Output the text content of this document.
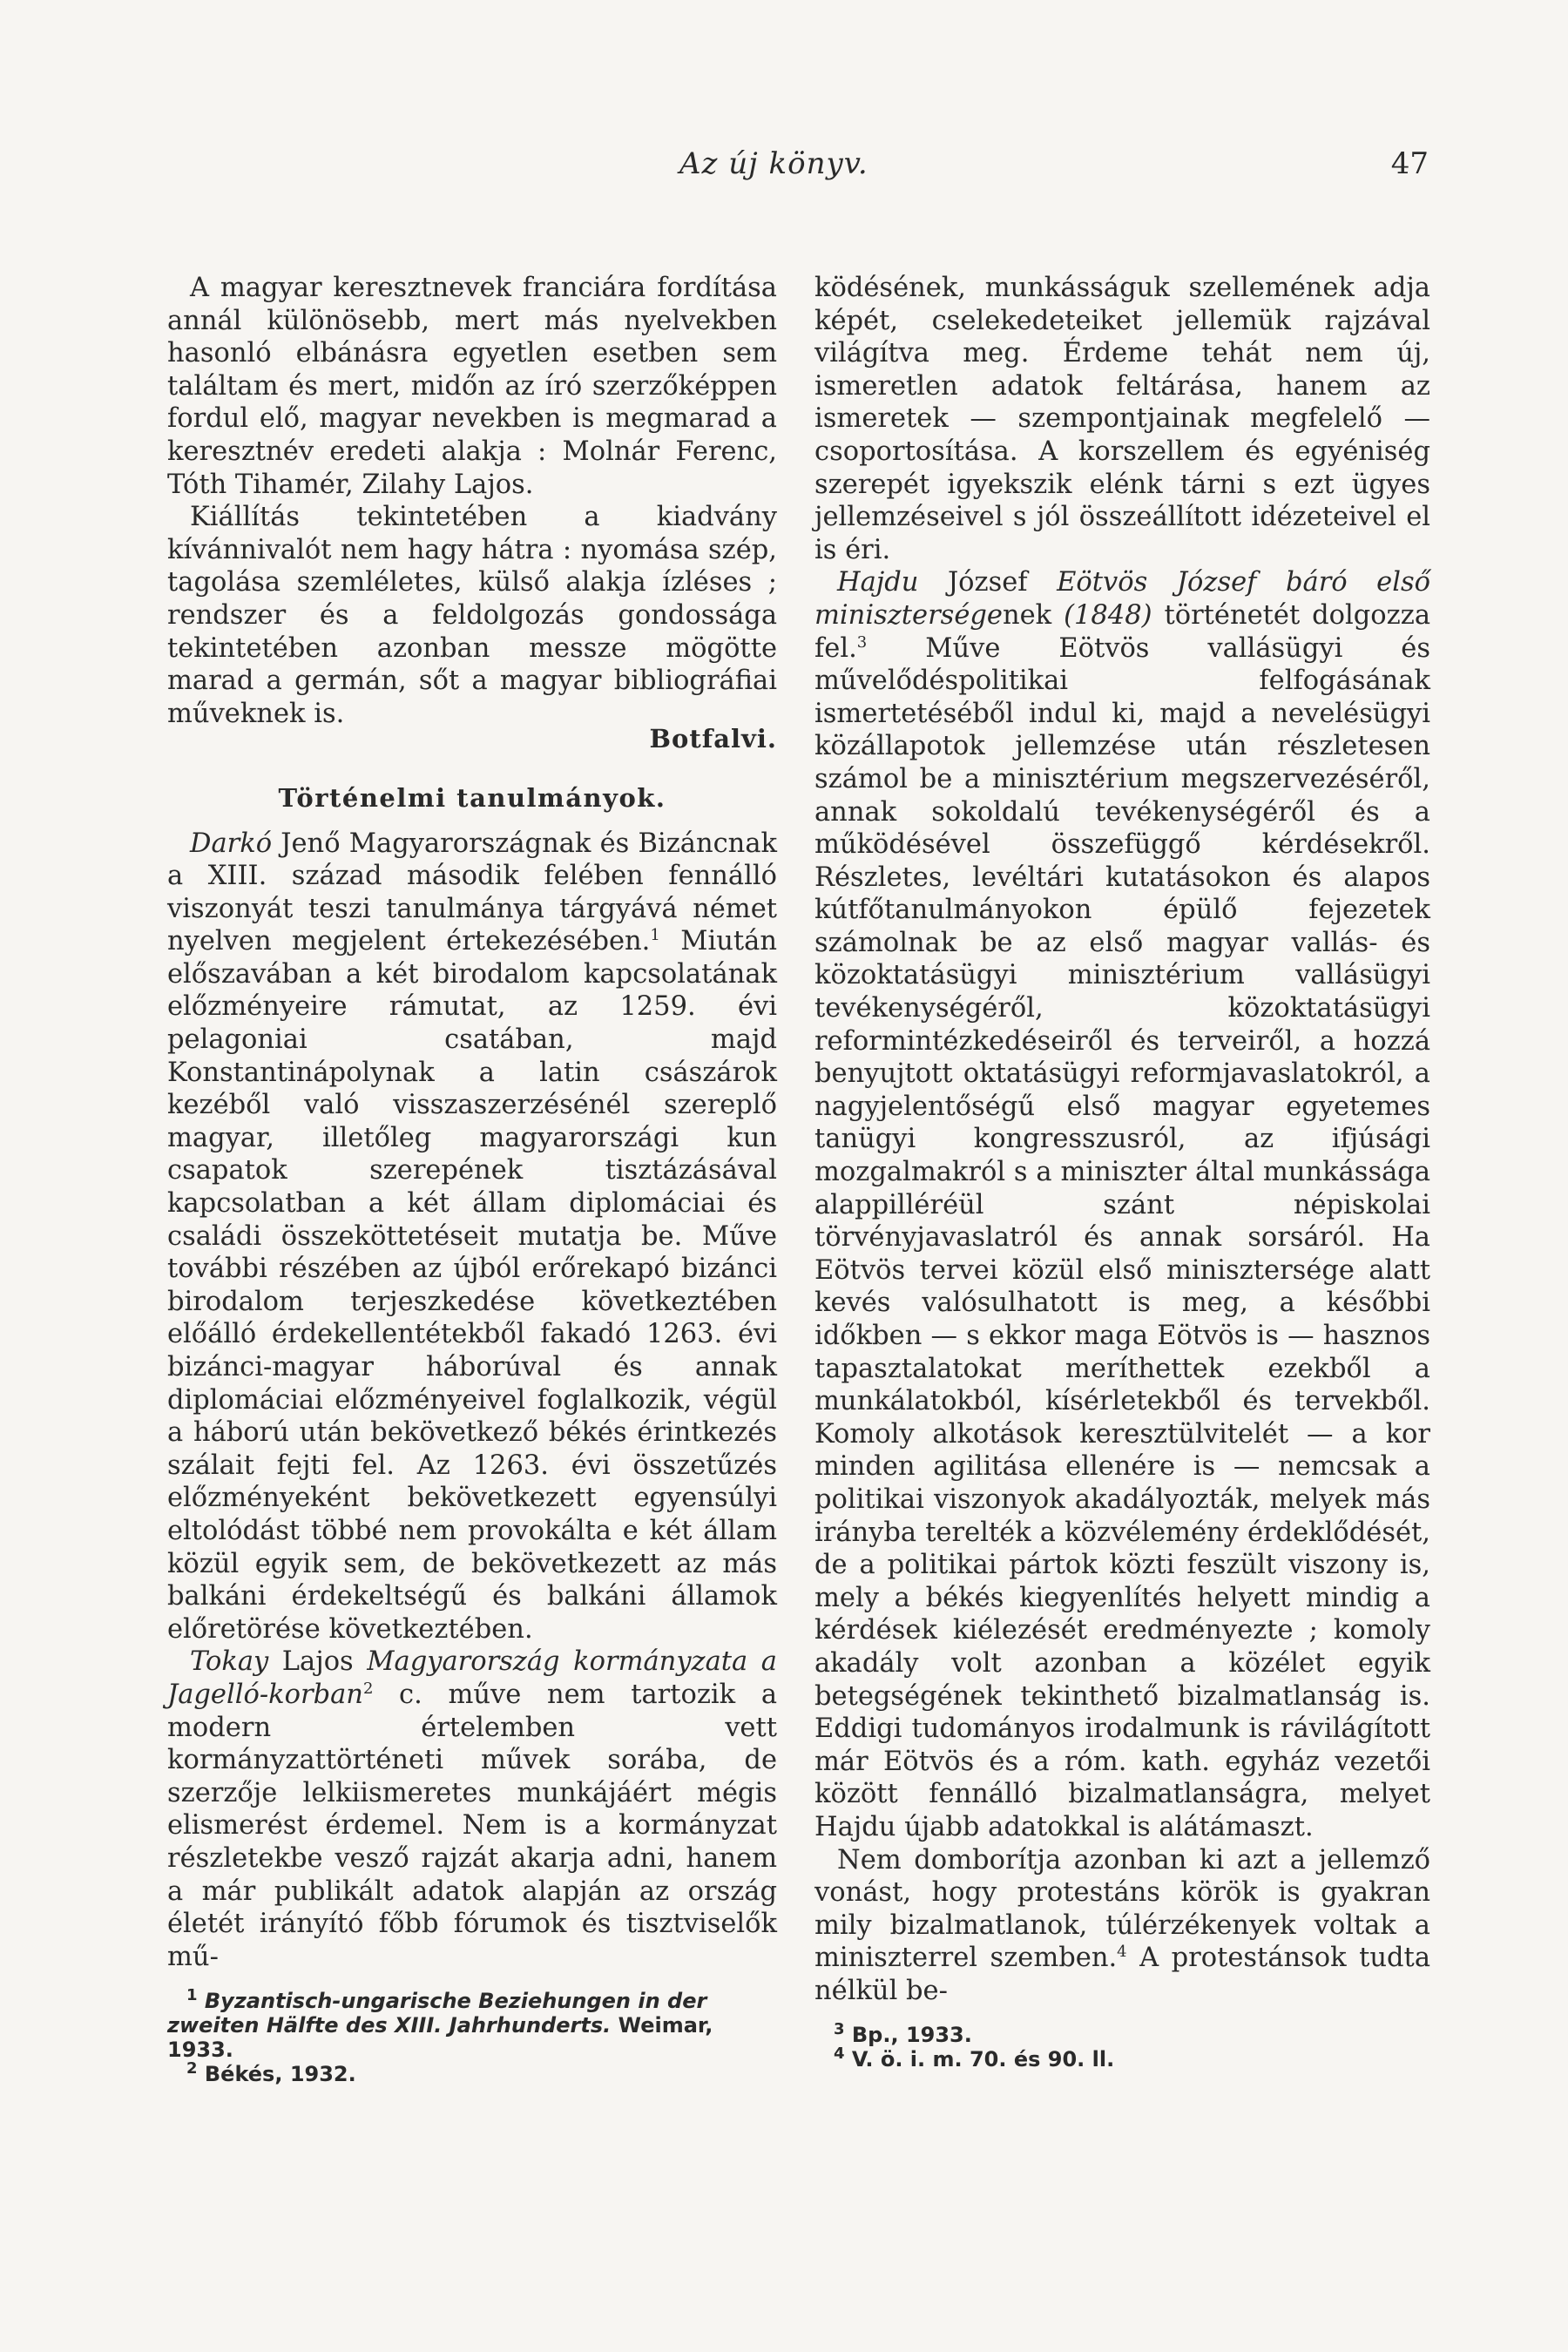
Az új könyv.	47

A magyar keresztnevek franciára fordítása annál különösebb, mert más nyelvekben hasonló elbánásra egyetlen esetben sem találtam és mert, midőn az író szerzőképpen fordul elő, magyar nevekben is megmarad a keresztnév eredeti alakja : Molnár Ferenc, Tóth Tihamér, Zilahy Lajos.

Kiállítás tekintetében a kiadvány kívánnivalót nem hagy hátra : nyomása szép, tagolása szemléletes, külső alakja ízléses ; rendszer és a feldolgozás gondossága tekintetében azonban messze mögötte marad a germán, sőt a magyar bibliográfiai műveknek is.

Botfalvi.
Történelmi tanulmányok.

Darkó Jenő Magyarországnak és Bizáncnak a XIII. század második felében fennálló viszonyát teszi tanulmánya tárgyává német nyelven megjelent értekezésében.$^1$ Miután előszavában a két birodalom kapcsolatának előzményeire rámutat, az 1259. évi pelagoniai csatában, majd Konstantinápolynak a latin császárok kezéből való visszaszerzésénél szereplő magyar, illetőleg magyarországi kun csapatok szerepének tisztázásával kapcsolatban a két állam diplomáciai és családi összeköttetéseit mutatja be. Műve további részében az újból erőrekapó bizánci birodalom terjeszkedése következtében előálló érdekellentétekből fakadó 1263. évi bizánci-magyar háborúval és annak diplomáciai előzményeivel foglalkozik, végül a háború után bekövetkező békés érintkezés szálait fejti fel. Az 1263. évi összetűzés előzményeként bekövetkezett egyensúlyi eltolódást többé nem provokálta e két állam közül egyik sem, de bekövetkezett az más balkáni érdekeltségű és balkáni államok előretörése következtében.

Tokay Lajos Magyarország kormányzata a Jagelló-korban$^2$ c. műve nem tartozik a modern értelemben vett kormányzattörténeti művek sorába, de szerzője lelkiismeretes munkájáért mégis elismerést érdemel. Nem is a kormányzat részletekbe vesző rajzát akarja adni, hanem a már publikált adatok alapján az ország életét irányító főbb fórumok és tisztviselők mű-

$^1$ Byzantisch-ungarische Beziehungen in der zweiten Hälfte des XIII. Jahrhunderts. Weimar, 1933.

$^2$ Békés, 1932.

ködésének, munkásságuk szellemének adja képét, cselekedeteiket jellemük rajzával világítva meg. Érdeme tehát nem új, ismeretlen adatok feltárása, hanem az ismeretek — szempontjainak megfelelő — csoportosítása. A korszellem és egyéniség szerepét igyekszik elénk tárni s ezt ügyes jellemzéseivel s jól összeállított idézeteivel el is éri.

Hajdu József Eötvös József báró első miniszterségenek (1848) történetét dolgozza fel.$^3$ Műve Eötvös vallásügyi és művelődéspolitikai felfogásának ismertetéséből indul ki, majd a nevelésügyi közállapotok jellemzése után részletesen számol be a minisztérium megszervezéséről, annak sokoldalú tevékenységéről és a működésével összefüggő kérdésekről. Részletes, levéltári kutatásokon és alapos kútfőtanulmányokon épülő fejezetek számolnak be az első magyar vallás- és közoktatásügyi minisztérium vallásügyi tevékenységéről, közoktatásügyi reformintézkedéseiről és terveiről, a hozzá benyujtott oktatásügyi reformjavaslatokról, a nagyjelentőségű első magyar egyetemes tanügyi kongresszusról, az ifjúsági mozgalmakról s a miniszter által munkássága alappilléréül szánt népiskolai törvényjavaslatról és annak sorsáról. Ha Eötvös tervei közül első minisztersége alatt kevés valósulhatott is meg, a későbbi időkben — s ekkor maga Eötvös is — hasznos tapasztalatokat meríthettek ezekből a munkálatokból, kísérletekből és tervekből. Komoly alkotások keresztülvitelét — a kor minden agilitása ellenére is — nemcsak a politikai viszonyok akadályozták, melyek más irányba terelték a közvélemény érdeklődését, de a politikai pártok közti feszült viszony is, mely a békés kiegyenlítés helyett mindig a kérdések kiélezését eredményezte ; komoly akadály volt azonban a közélet egyik betegségének tekinthető bizalmatlanság is. Eddigi tudományos irodalmunk is rávilágított már Eötvös és a róm. kath. egyház vezetői között fennálló bizalmatlanságra, melyet Hajdu újabb adatokkal is alátámaszt.

Nem domborítja azonban ki azt a jellemző vonást, hogy protestáns körök is gyakran mily bizalmatlanok, túlérzékenyek voltak a miniszterrel szemben.$^4$ A protestánsok tudta nélkül be-

$^3$ Bp., 1933.

$^4$ V. ö. i. m. 70. és 90. ll.
